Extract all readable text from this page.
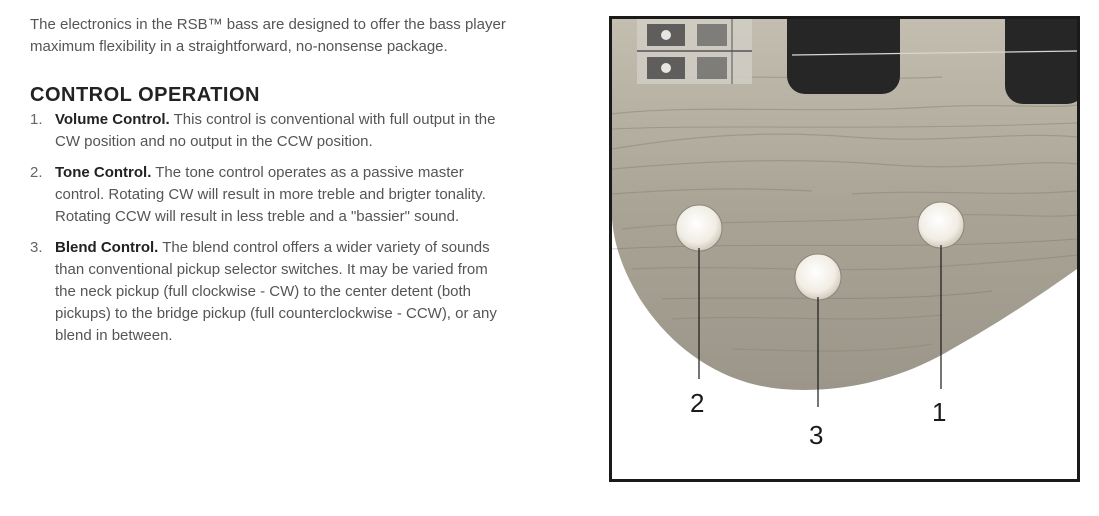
The electronics in the RSB™ bass are designed to offer the bass player maximum flexibility in a straightforward, no-nonsense package.

CONTROL OPERATION
1. Volume Control. This control is conventional with full output in the CW position and no output in the CCW position.
2. Tone Control. The tone control operates as a passive master control. Rotating CW will result in more treble and brigter tonality. Rotating CCW will result in less treble and a "bassier" sound.
3. Blend Control. The blend control offers a wider variety of sounds than conventional pickup selector switches. It may be varied from the neck pickup (full clockwise - CW) to the center detent (both pickups) to the bridge pickup (full counterclockwise - CCW), or any blend in between.
2
3
1
